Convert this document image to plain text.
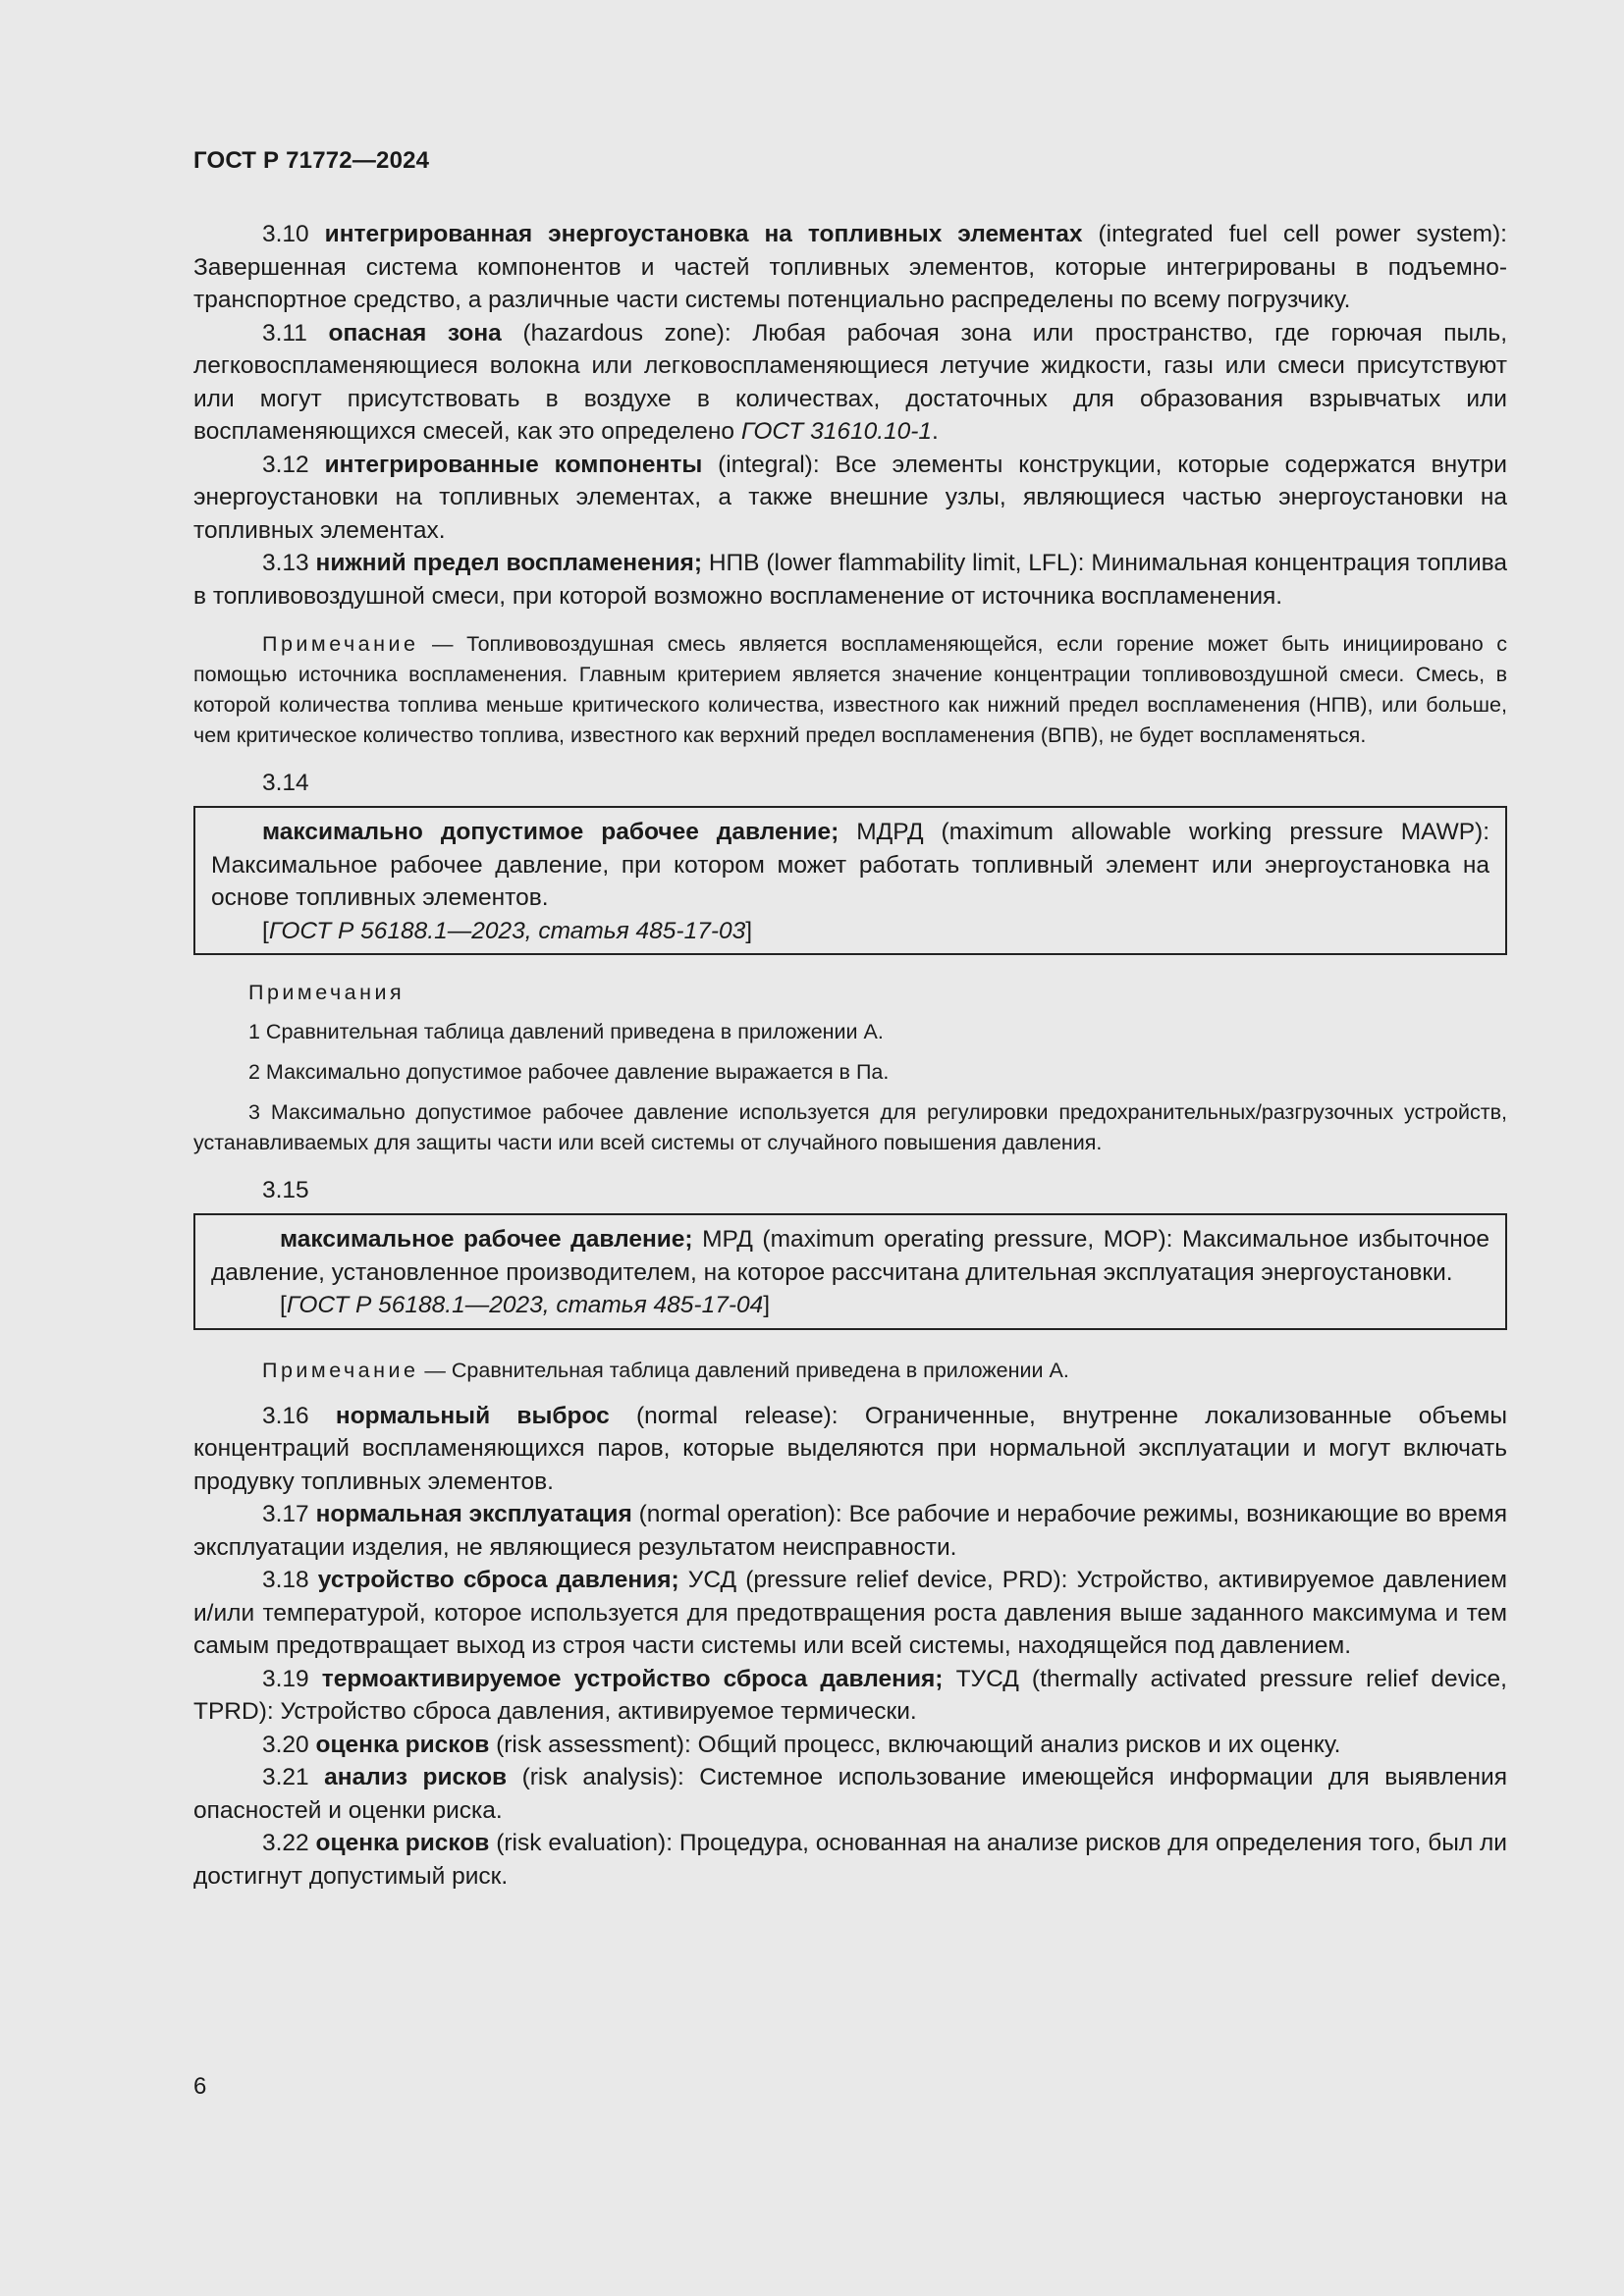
ГОСТ Р 71772—2024

3.10 интегрированная энергоустановка на топливных элементах (integrated fuel cell power system): Завершенная система компонентов и частей топливных элементов, которые интегрированы в подъемно-транспортное средство, а различные части системы потенциально распределены по всему погрузчику.

3.11 опасная зона (hazardous zone): Любая рабочая зона или пространство, где горючая пыль, легковоспламеняющиеся волокна или легковоспламеняющиеся летучие жидкости, газы или смеси присутствуют или могут присутствовать в воздухе в количествах, достаточных для образования взрывчатых или воспламеняющихся смесей, как это определено ГОСТ 31610.10-1.

3.12 интегрированные компоненты (integral): Все элементы конструкции, которые содержатся внутри энергоустановки на топливных элементах, а также внешние узлы, являющиеся частью энергоустановки на топливных элементах.

3.13 нижний предел воспламенения; НПВ (lower flammability limit, LFL): Минимальная концентрация топлива в топливовоздушной смеси, при которой возможно воспламенение от источника воспламенения.

Примечание — Топливовоздушная смесь является воспламеняющейся, если горение может быть инициировано с помощью источника воспламенения. Главным критерием является значение концентрации топливовоздушной смеси. Смесь, в которой количества топлива меньше критического количества, известного как нижний предел воспламенения (НПВ), или больше, чем критическое количество топлива, известного как верхний предел воспламенения (ВПВ), не будет воспламеняться.

3.14

максимально допустимое рабочее давление; МДРД (maximum allowable working pressure MAWP): Максимальное рабочее давление, при котором может работать топливный элемент или энергоустановка на основе топливных элементов.

[ГОСТ Р 56188.1—2023, статья 485-17-03]
Примечания

1 Сравнительная таблица давлений приведена в приложении А.

2 Максимально допустимое рабочее давление выражается в Па.

3 Максимально допустимое рабочее давление используется для регулировки предохранительных/разгрузочных устройств, устанавливаемых для защиты части или всей системы от случайного повышения давления.

3.15

максимальное рабочее давление; МРД (maximum operating pressure, MOP): Максимальное избыточное давление, установленное производителем, на которое рассчитана длительная эксплуатация энергоустановки.

[ГОСТ Р 56188.1—2023, статья 485-17-04]

Примечание — Сравнительная таблица давлений приведена в приложении А.

3.16 нормальный выброс (normal release): Ограниченные, внутренне локализованные объемы концентраций воспламеняющихся паров, которые выделяются при нормальной эксплуатации и могут включать продувку топливных элементов.

3.17 нормальная эксплуатация (normal operation): Все рабочие и нерабочие режимы, возникающие во время эксплуатации изделия, не являющиеся результатом неисправности.

3.18 устройство сброса давления; УСД (pressure relief device, PRD): Устройство, активируемое давлением и/или температурой, которое используется для предотвращения роста давления выше заданного максимума и тем самым предотвращает выход из строя части системы или всей системы, находящейся под давлением.

3.19 термоактивируемое устройство сброса давления; ТУСД (thermally activated pressure relief device, TPRD): Устройство сброса давления, активируемое термически.

3.20 оценка рисков (risk assessment): Общий процесс, включающий анализ рисков и их оценку.

3.21 анализ рисков (risk analysis): Системное использование имеющейся информации для выявления опасностей и оценки риска.

3.22 оценка рисков (risk evaluation): Процедура, основанная на анализе рисков для определения того, был ли достигнут допустимый риск.

6
